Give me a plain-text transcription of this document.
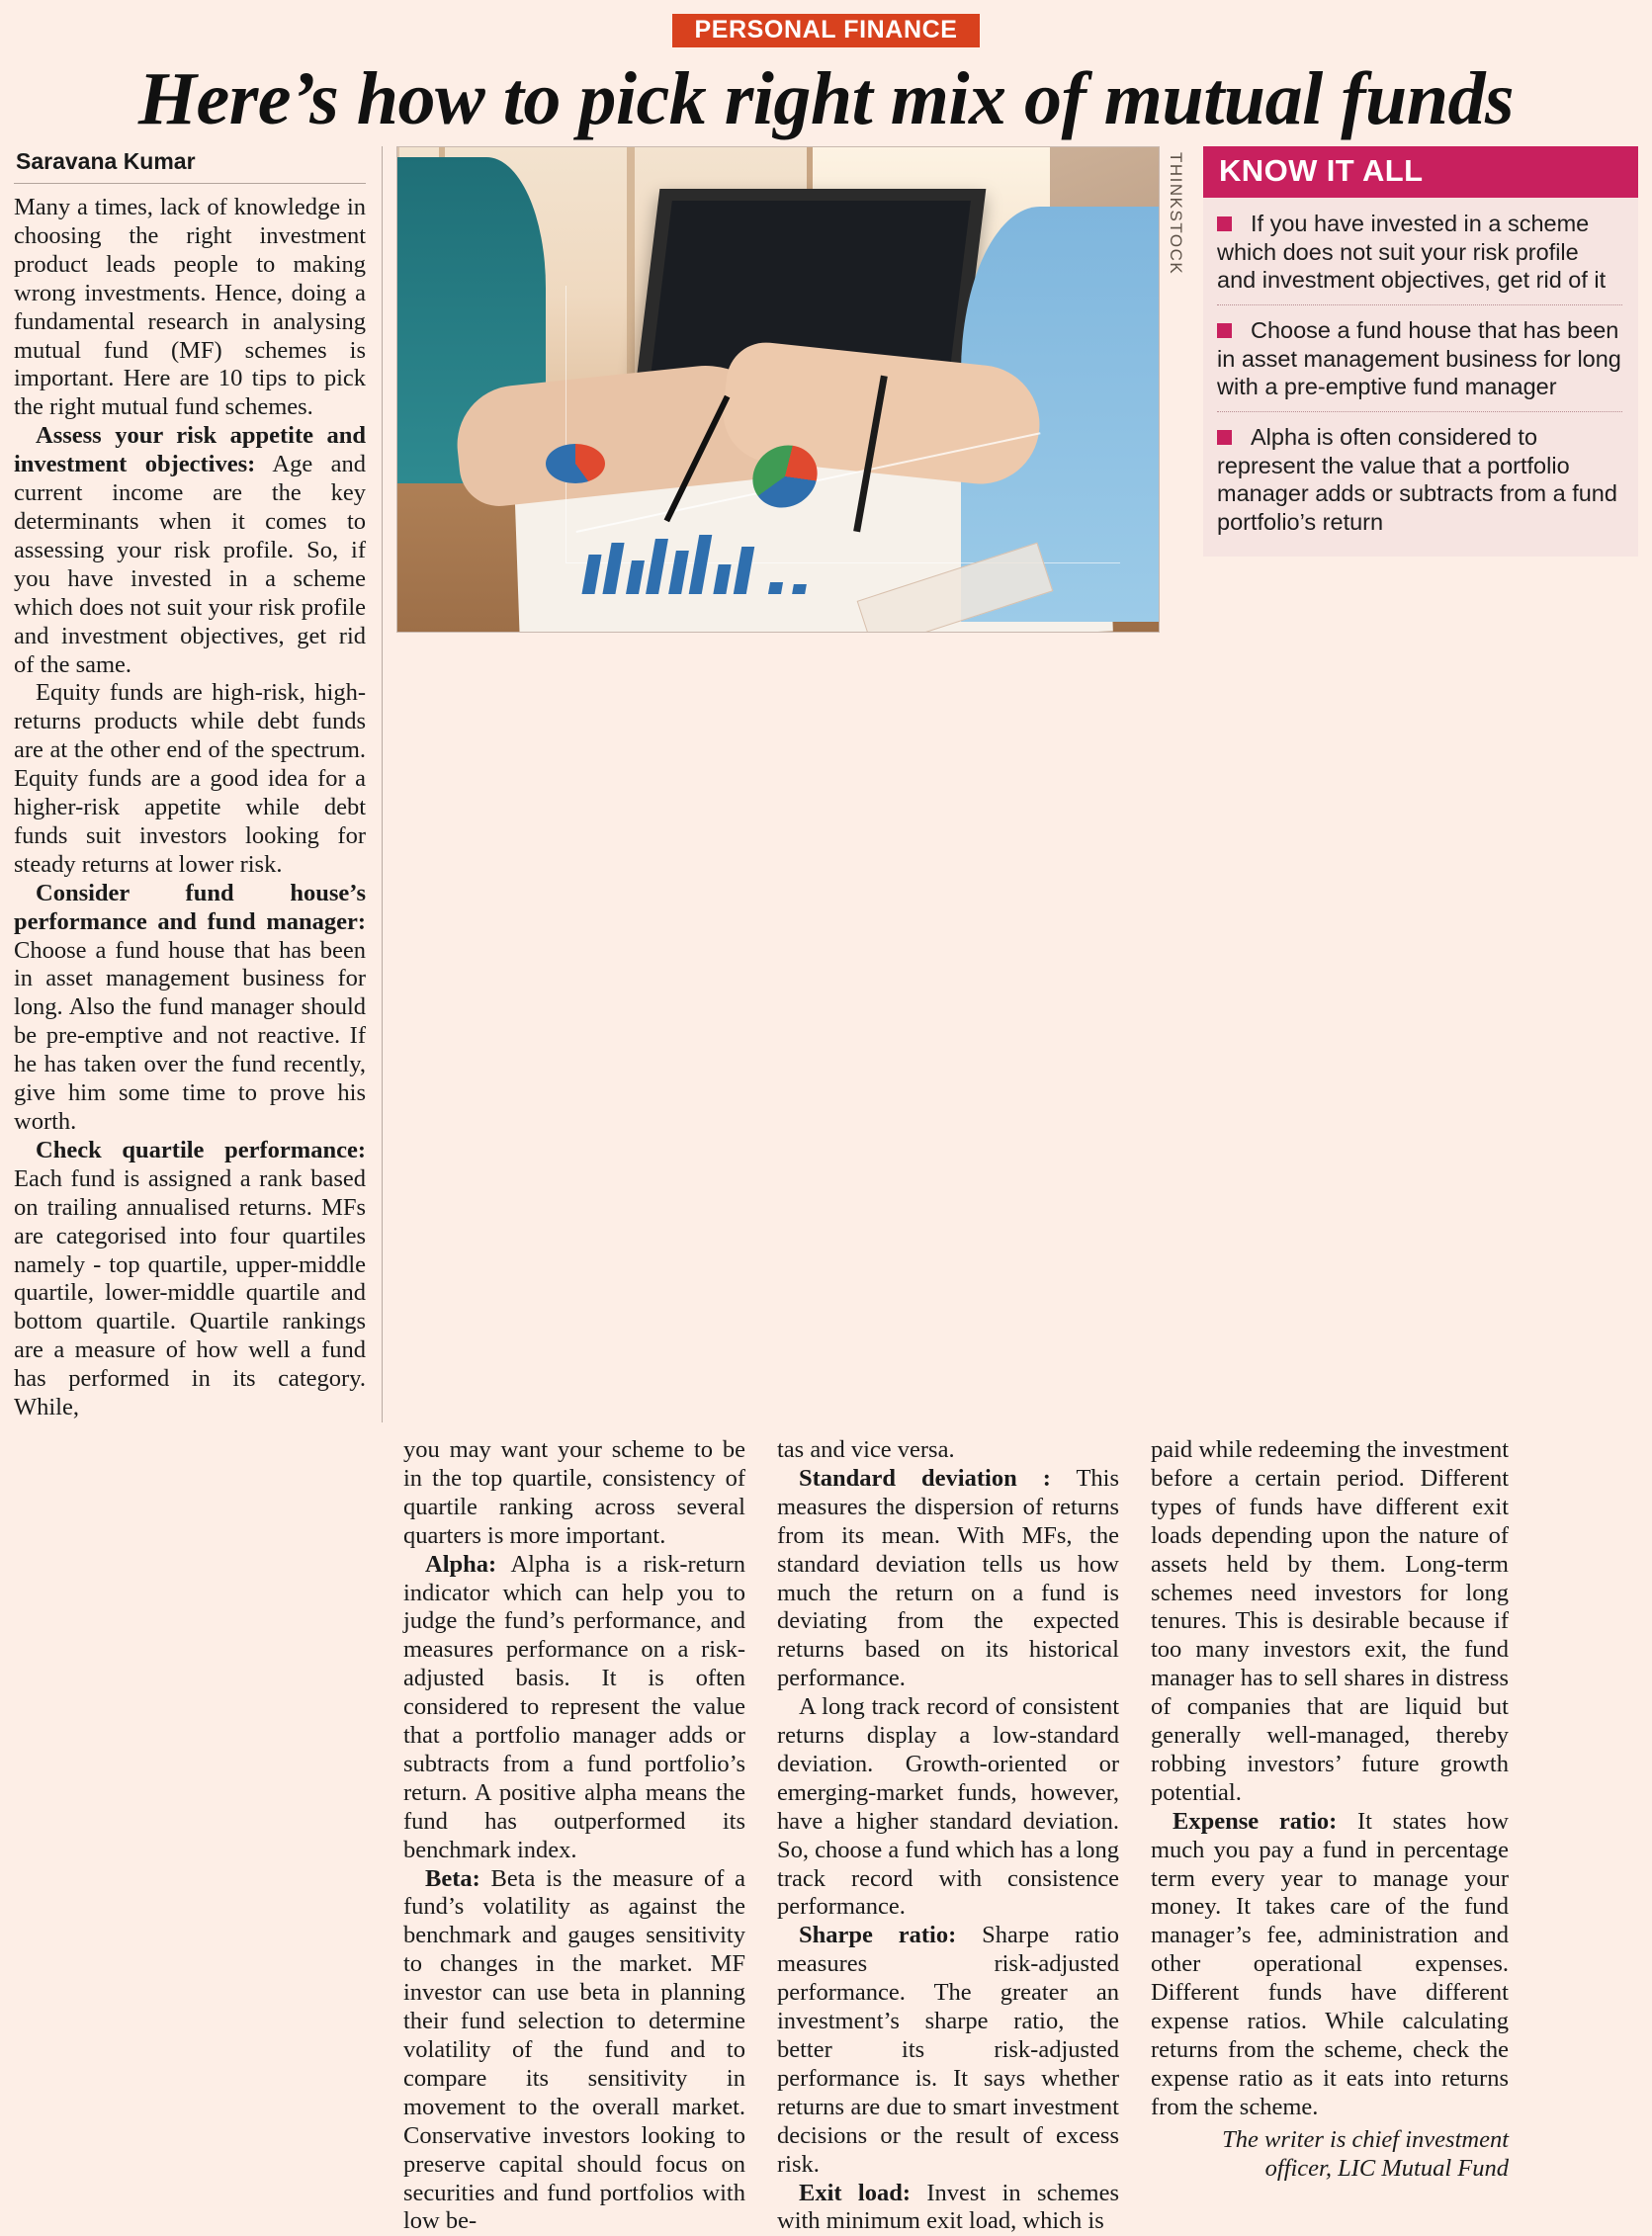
PERSONAL FINANCE
Here’s how to pick right mix of mutual funds
Saravana Kumar

Many a times, lack of knowledge in choosing the right investment product leads people to making wrong investments. Hence, doing a fundamental research in analysing mutual fund (MF) schemes is important. Here are 10 tips to pick the right mutual fund schemes.

Assess your risk appetite and investment objectives: Age and current income are the key determinants when it comes to assessing your risk profile. So, if you have invested in a scheme which does not suit your risk profile and investment objectives, get rid of the same.

Equity funds are high-risk, high-returns products while debt funds are at the other end of the spectrum. Equity funds are a good idea for a higher-risk appetite while debt funds suit investors looking for steady returns at lower risk.

Consider fund house’s performance and fund manager: Choose a fund house that has been in asset management business for long. Also the fund manager should be pre-emptive and not reactive. If he has taken over the fund recently, give him some time to prove his worth.

Check quartile performance: Each fund is assigned a rank based on trailing annualised returns. MFs are categorised into four quartiles namely - top quartile, upper-middle quartile, lower-middle quartile and bottom quartile. Quartile rankings are a measure of how well a fund has performed in its category. While,

THINKSTOCK	KNOW IT ALL
If you have invested in a scheme which does not suit your risk profile and investment objectives, get rid of it
Choose a fund house that has been in asset management business for long with a pre-emptive fund manager
Alpha is often considered to represent the value that a portfolio manager adds or subtracts from a fund portfolio’s return

you may want your scheme to be in the top quartile, consistency of quartile ranking across several quarters is more important.

Alpha: Alpha is a risk-return indicator which can help you to judge the fund’s performance, and measures performance on a risk-adjusted basis. It is often considered to represent the value that a portfolio manager adds or subtracts from a fund portfolio’s return. A positive alpha means the fund has outperformed its benchmark index.

Beta: Beta is the measure of a fund’s volatility as against the benchmark and gauges sensitivity to changes in the market. MF investor can use beta in planning their fund selection to determine volatility of the fund and to compare its sensitivity in movement to the overall market. Conservative investors looking to preserve capital should focus on securities and fund portfolios with low be-

tas and vice versa.

Standard deviation : This measures the dispersion of returns from its mean. With MFs, the standard deviation tells us how much the return on a fund is deviating from the expected returns based on its historical performance.

A long track record of consistent returns display a low-standard deviation. Growth-oriented or emerging-market funds, however, have a higher standard deviation. So, choose a fund which has a long track record with consistence performance.

Sharpe ratio: Sharpe ratio measures risk-adjusted performance. The greater an investment’s sharpe ratio, the better its risk-adjusted performance is. It says whether returns are due to smart investment decisions or the result of excess risk.

Exit load: Invest in schemes with minimum exit load, which is

paid while redeeming the investment before a certain period. Different types of funds have different exit loads depending upon the nature of assets held by them. Long-term schemes need investors for long tenures. This is desirable because if too many investors exit, the fund manager has to sell shares in distress of companies that are liquid but generally well-managed, thereby robbing investors’ future growth potential.

Expense ratio: It states how much you pay a fund in percentage term every year to manage your money. It takes care of the fund manager’s fee, administration and other operational expenses. Different funds have different expense ratios. While calculating returns from the scheme, check the expense ratio as it eats into returns from the scheme.

The writer is chief investment officer, LIC Mutual Fund
